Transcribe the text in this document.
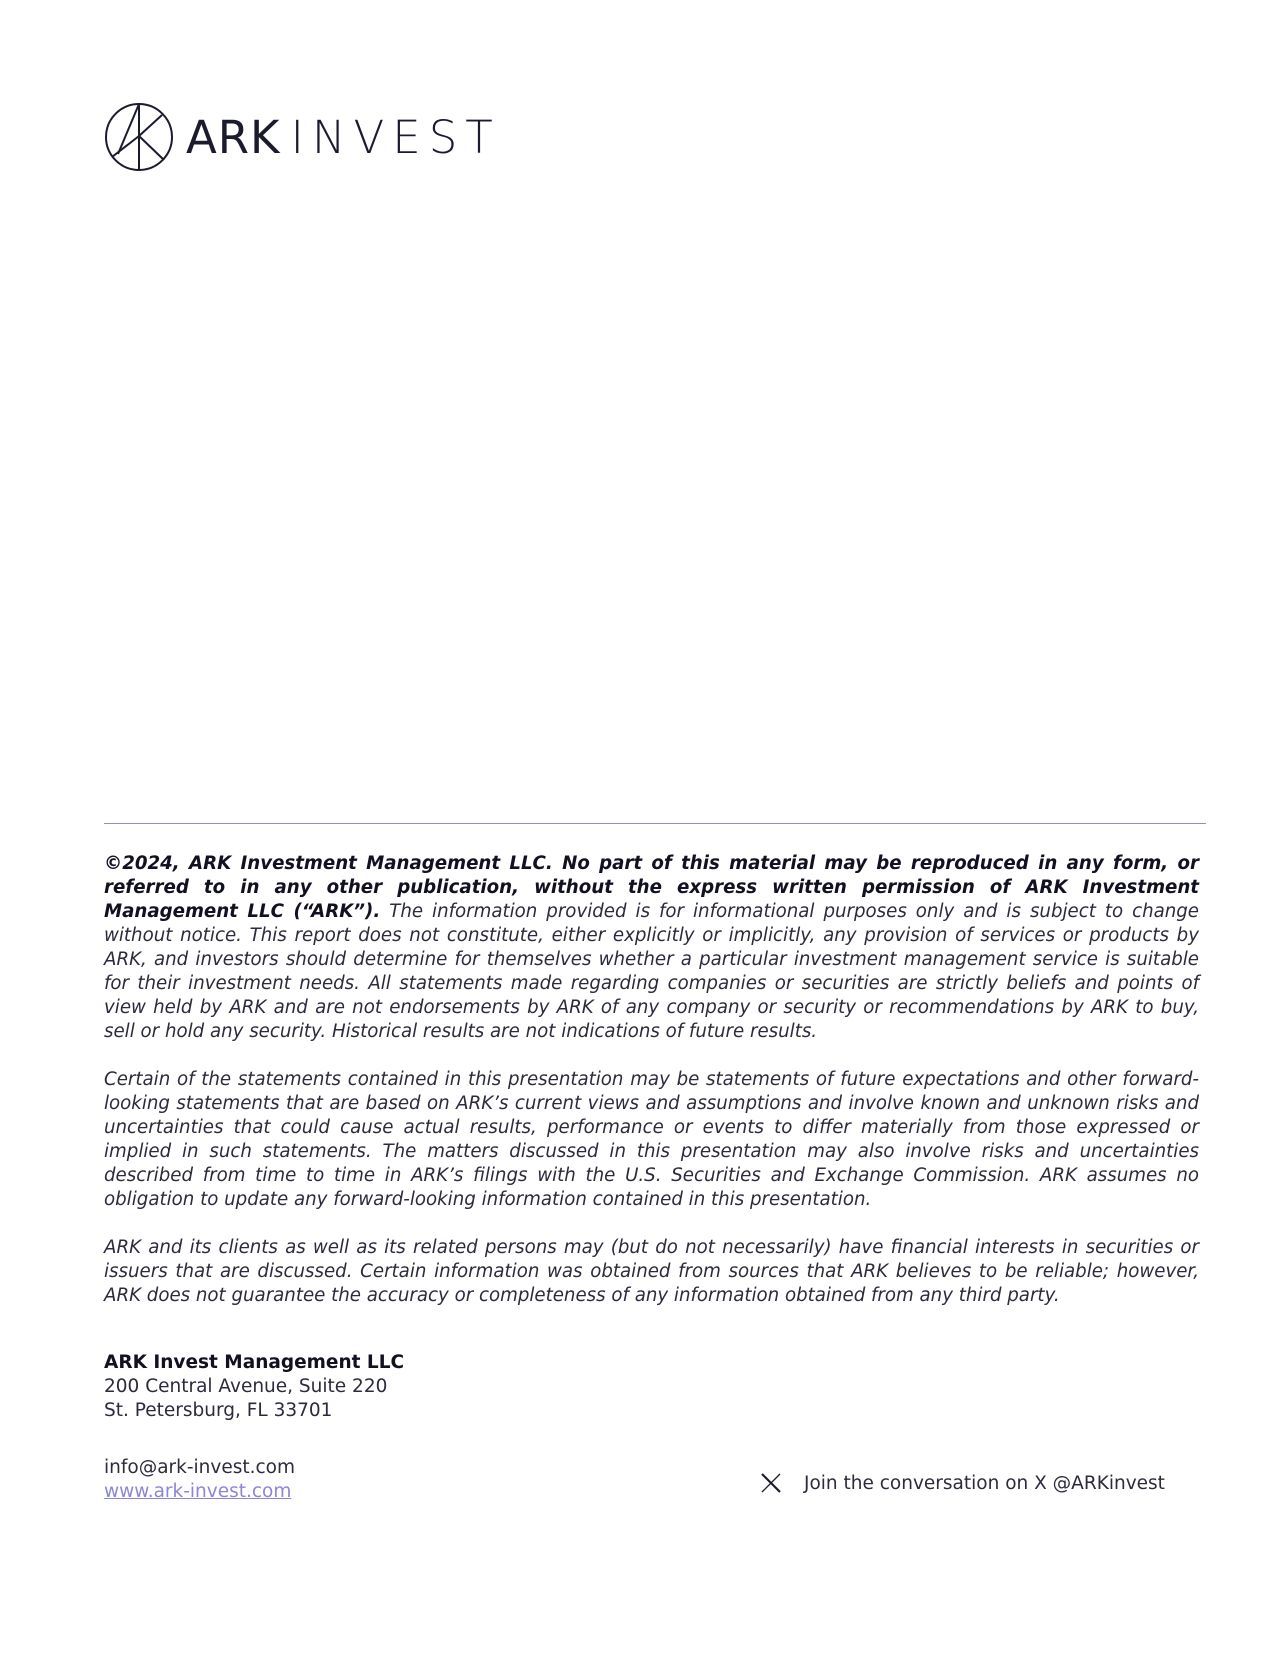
ARK INVEST

©2024, ARK Investment Management LLC. No part of this material may be reproduced in any form, or referred to in any other publication, without the express written permission of ARK Investment Management LLC (“ARK”). The information provided is for informational purposes only and is subject to change without notice. This report does not constitute, either explicitly or implicitly, any provision of services or products by ARK, and investors should determine for themselves whether a particular investment management service is suitable for their investment needs. All statements made regarding companies or securities are strictly beliefs and points of view held by ARK and are not endorsements by ARK of any company or security or recommendations by ARK to buy, sell or hold any security. Historical results are not indications of future results.

Certain of the statements contained in this presentation may be statements of future expectations and other forward-looking statements that are based on ARK’s current views and assumptions and involve known and unknown risks and uncertainties that could cause actual results, performance or events to differ materially from those expressed or implied in such statements. The matters discussed in this presentation may also involve risks and uncertainties described from time to time in ARK’s filings with the U.S. Securities and Exchange Commission. ARK assumes no obligation to update any forward-looking information contained in this presentation.

ARK and its clients as well as its related persons may (but do not necessarily) have financial interests in securities or issuers that are discussed. Certain information was obtained from sources that ARK believes to be reliable; however, ARK does not guarantee the accuracy or completeness of any information obtained from any third party.

ARK Invest Management LLC
200 Central Avenue, Suite 220
St. Petersburg, FL 33701
info@ark-invest.com
www.ark-invest.com	Join the conversation on X @ARKinvest
